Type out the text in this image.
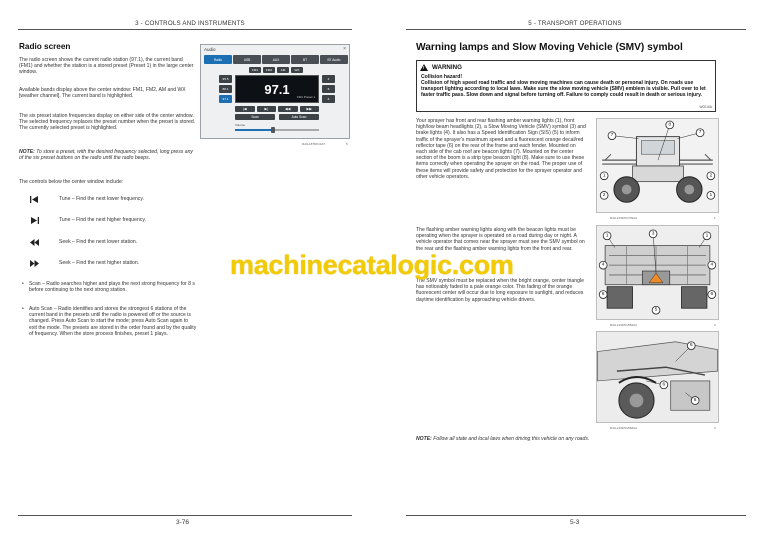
3 - CONTROLS AND INSTRUMENTS
3-76
Radio screen
The radio screen shows the current radio station (97.1), the current band (FM1) and whether the station is a stored preset (Preset 1) in the large center window.
Available bands display above the center window: FM1, FM2, AM and WX [weather channel]. The current band is highlighted.
The six preset station frequencies display on either side of the center window. The selected frequency replaces the preset number when the preset is stored. The currently selected preset is highlighted.
NOTE: To store a preset, with the desired frequency selected, long press any of the six preset buttons on the radio until the radio beeps.
The controls below the center window include:
Tune – Find the next lower frequency.
Tune – Find the next higher frequency.
Seek – Find the next lower station.
Seek – Find the next higher station.
• Scan – Radio searches higher and plays the next strong frequency for 8 s before continuing to the next strong station.
• Auto Scan – Radio identifies and stores the strongest 6 stations of the current band in the presets until the radio is powered off or the source is changed. Press Auto Scan to start the mode; press Auto Scan again to exit the mode. The presets are stored in the order found and by the quality of frequency. When the store process finishes, preset 1 plays.
Audio	×
Radio	USB	AUX	BT	BT Audio
FM1	FM2	AM	WX
95.5
88.1
97.1
97.1	FM1 Preset 1
4
5
6
|◀	▶|	◀◀	▶▶
Scan	Auto Scan
Volume
RAIL18TRIO4AT	5
5 - TRANSPORT OPERATIONS
5-3
Warning lamps and Slow Moving Vehicle (SMV) symbol
! WARNING
Collision hazard!
Collision of high speed road traffic and slow moving machines can cause death or personal injury. On roads use transport lighting according to local laws. Make sure the slow moving vehicle (SMV) emblem is visible. Pull over to let faster traffic pass. Slow down and signal before turning off. Failure to comply could result in death or serious injury.
W0016A
Your sprayer has front and rear flashing amber warning lights (1), front high/low beam headlights (2), a Slow Moving Vehicle (SMV) symbol (3) and brake lights (4). It also has a Speed Identification Sign (SIS) (5) to inform traffic of the sprayer's maximum speed and a fluorescent orange decal/red reflector tape (6) on the rear of the frame and each fender. Mounted on each side of the cab roof are beacon lights (7). Mounted on the center section of the boom is a strip type beacon light (8). Make sure to use these items correctly when operating the sprayer on the road. The proper use of these items will provide safety and protection for the sprayer operator and other vehicle operators.
The flashing amber warning lights along with the beacon lights must be operating when the sprayer is operated on a road during day or night. A vehicle operator that comes near the sprayer must see the SMV symbol on the rear and the flashing amber warning lights from the front and rear.
The SMV symbol must be replaced when the bright orange, center triangle has noticeably faded to a pale orange color. This fading of the orange fluorescent center will occur due to long exposure to sunlight, and reduces daytime identification by approaching vehicle drivers.
NOTE: Follow all state and local laws when driving this vehicle on any roads.
7
7
8
1
2
2
1
RAIL21SP01705AA	1
1	3	1
4	4
6	6
5
RAIL21SP01566AA	2
6
6
6
RAIL21SP01568AA	3
machinecatalogic.com
